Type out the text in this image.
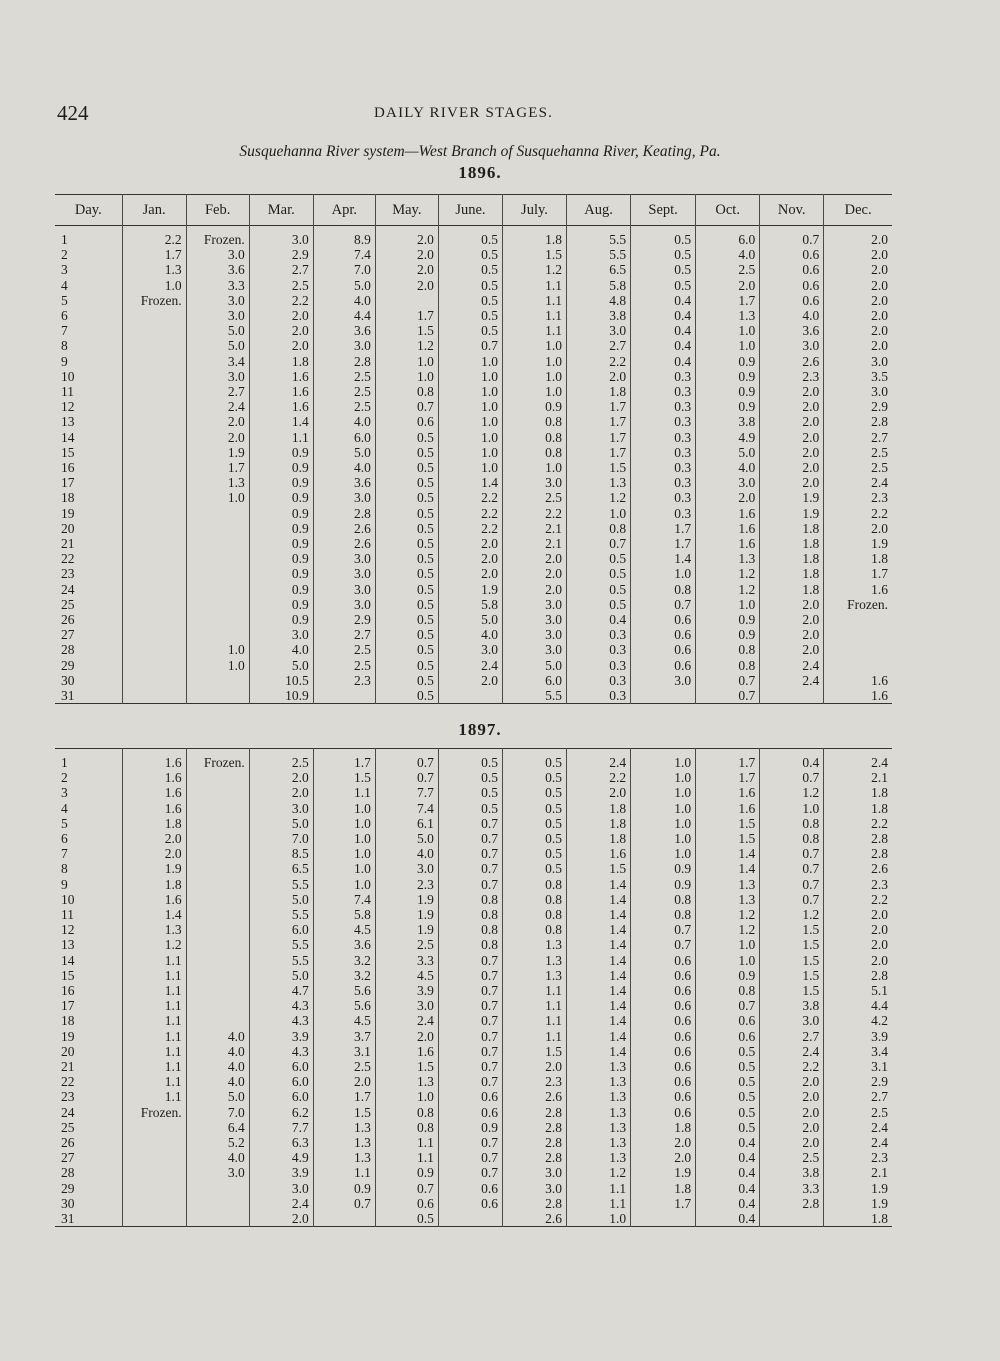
424	DAILY RIVER STAGES.
Susquehanna River system—West Branch of Susquehanna River, Keating, Pa.
1896.
Day.	Jan.	Feb.	Mar.	Apr.	May.	June.	July.	Aug.	Sept.	Oct.	Nov.	Dec.
1	2.2	Frozen.	3.0	8.9	2.0	0.5	1.8	5.5	0.5	6.0	0.7	2.0
2	1.7	3.0	2.9	7.4	2.0	0.5	1.5	5.5	0.5	4.0	0.6	2.0
3	1.3	3.6	2.7	7.0	2.0	0.5	1.2	6.5	0.5	2.5	0.6	2.0
4	1.0	3.3	2.5	5.0	2.0	0.5	1.1	5.8	0.5	2.0	0.6	2.0
5	Frozen.	3.0	2.2	4.0		0.5	1.1	4.8	0.4	1.7	0.6	2.0
6		3.0	2.0	4.4	1.7	0.5	1.1	3.8	0.4	1.3	4.0	2.0
7		5.0	2.0	3.6	1.5	0.5	1.1	3.0	0.4	1.0	3.6	2.0
8		5.0	2.0	3.0	1.2	0.7	1.0	2.7	0.4	1.0	3.0	2.0
9		3.4	1.8	2.8	1.0	1.0	1.0	2.2	0.4	0.9	2.6	3.0
10		3.0	1.6	2.5	1.0	1.0	1.0	2.0	0.3	0.9	2.3	3.5
11		2.7	1.6	2.5	0.8	1.0	1.0	1.8	0.3	0.9	2.0	3.0
12		2.4	1.6	2.5	0.7	1.0	0.9	1.7	0.3	0.9	2.0	2.9
13		2.0	1.4	4.0	0.6	1.0	0.8	1.7	0.3	3.8	2.0	2.8
14		2.0	1.1	6.0	0.5	1.0	0.8	1.7	0.3	4.9	2.0	2.7
15		1.9	0.9	5.0	0.5	1.0	0.8	1.7	0.3	5.0	2.0	2.5
16		1.7	0.9	4.0	0.5	1.0	1.0	1.5	0.3	4.0	2.0	2.5
17		1.3	0.9	3.6	0.5	1.4	3.0	1.3	0.3	3.0	2.0	2.4
18		1.0	0.9	3.0	0.5	2.2	2.5	1.2	0.3	2.0	1.9	2.3
19			0.9	2.8	0.5	2.2	2.2	1.0	0.3	1.6	1.9	2.2
20			0.9	2.6	0.5	2.2	2.1	0.8	1.7	1.6	1.8	2.0
21			0.9	2.6	0.5	2.0	2.1	0.7	1.7	1.6	1.8	1.9
22			0.9	3.0	0.5	2.0	2.0	0.5	1.4	1.3	1.8	1.8
23			0.9	3.0	0.5	2.0	2.0	0.5	1.0	1.2	1.8	1.7
24			0.9	3.0	0.5	1.9	2.0	0.5	0.8	1.2	1.8	1.6
25			0.9	3.0	0.5	5.8	3.0	0.5	0.7	1.0	2.0	Frozen.
26			0.9	2.9	0.5	5.0	3.0	0.4	0.6	0.9	2.0	
27			3.0	2.7	0.5	4.0	3.0	0.3	0.6	0.9	2.0	
28		1.0	4.0	2.5	0.5	3.0	3.0	0.3	0.6	0.8	2.0	
29		1.0	5.0	2.5	0.5	2.4	5.0	0.3	0.6	0.8	2.4	
30			10.5	2.3	0.5	2.0	6.0	0.3	3.0	0.7	2.4	1.6
31			10.9		0.5		5.5	0.3		0.7		1.6
1897.
1	1.6	Frozen.	2.5	1.7	0.7	0.5	0.5	2.4	1.0	1.7	0.4	2.4
2	1.6		2.0	1.5	0.7	0.5	0.5	2.2	1.0	1.7	0.7	2.1
3	1.6		2.0	1.1	7.7	0.5	0.5	2.0	1.0	1.6	1.2	1.8
4	1.6		3.0	1.0	7.4	0.5	0.5	1.8	1.0	1.6	1.0	1.8
5	1.8		5.0	1.0	6.1	0.7	0.5	1.8	1.0	1.5	0.8	2.2
6	2.0		7.0	1.0	5.0	0.7	0.5	1.8	1.0	1.5	0.8	2.8
7	2.0		8.5	1.0	4.0	0.7	0.5	1.6	1.0	1.4	0.7	2.8
8	1.9		6.5	1.0	3.0	0.7	0.5	1.5	0.9	1.4	0.7	2.6
9	1.8		5.5	1.0	2.3	0.7	0.8	1.4	0.9	1.3	0.7	2.3
10	1.6		5.0	7.4	1.9	0.8	0.8	1.4	0.8	1.3	0.7	2.2
11	1.4		5.5	5.8	1.9	0.8	0.8	1.4	0.8	1.2	1.2	2.0
12	1.3		6.0	4.5	1.9	0.8	0.8	1.4	0.7	1.2	1.5	2.0
13	1.2		5.5	3.6	2.5	0.8	1.3	1.4	0.7	1.0	1.5	2.0
14	1.1		5.5	3.2	3.3	0.7	1.3	1.4	0.6	1.0	1.5	2.0
15	1.1		5.0	3.2	4.5	0.7	1.3	1.4	0.6	0.9	1.5	2.8
16	1.1		4.7	5.6	3.9	0.7	1.1	1.4	0.6	0.8	1.5	5.1
17	1.1		4.3	5.6	3.0	0.7	1.1	1.4	0.6	0.7	3.8	4.4
18	1.1		4.3	4.5	2.4	0.7	1.1	1.4	0.6	0.6	3.0	4.2
19	1.1	4.0	3.9	3.7	2.0	0.7	1.1	1.4	0.6	0.6	2.7	3.9
20	1.1	4.0	4.3	3.1	1.6	0.7	1.5	1.4	0.6	0.5	2.4	3.4
21	1.1	4.0	6.0	2.5	1.5	0.7	2.0	1.3	0.6	0.5	2.2	3.1
22	1.1	4.0	6.0	2.0	1.3	0.7	2.3	1.3	0.6	0.5	2.0	2.9
23	1.1	5.0	6.0	1.7	1.0	0.6	2.6	1.3	0.6	0.5	2.0	2.7
24	Frozen.	7.0	6.2	1.5	0.8	0.6	2.8	1.3	0.6	0.5	2.0	2.5
25		6.4	7.7	1.3	0.8	0.9	2.8	1.3	1.8	0.5	2.0	2.4
26		5.2	6.3	1.3	1.1	0.7	2.8	1.3	2.0	0.4	2.0	2.4
27		4.0	4.9	1.3	1.1	0.7	2.8	1.3	2.0	0.4	2.5	2.3
28		3.0	3.9	1.1	0.9	0.7	3.0	1.2	1.9	0.4	3.8	2.1
29			3.0	0.9	0.7	0.6	3.0	1.1	1.8	0.4	3.3	1.9
30			2.4	0.7	0.6	0.6	2.8	1.1	1.7	0.4	2.8	1.9
31			2.0		0.5		2.6	1.0		0.4		1.8
